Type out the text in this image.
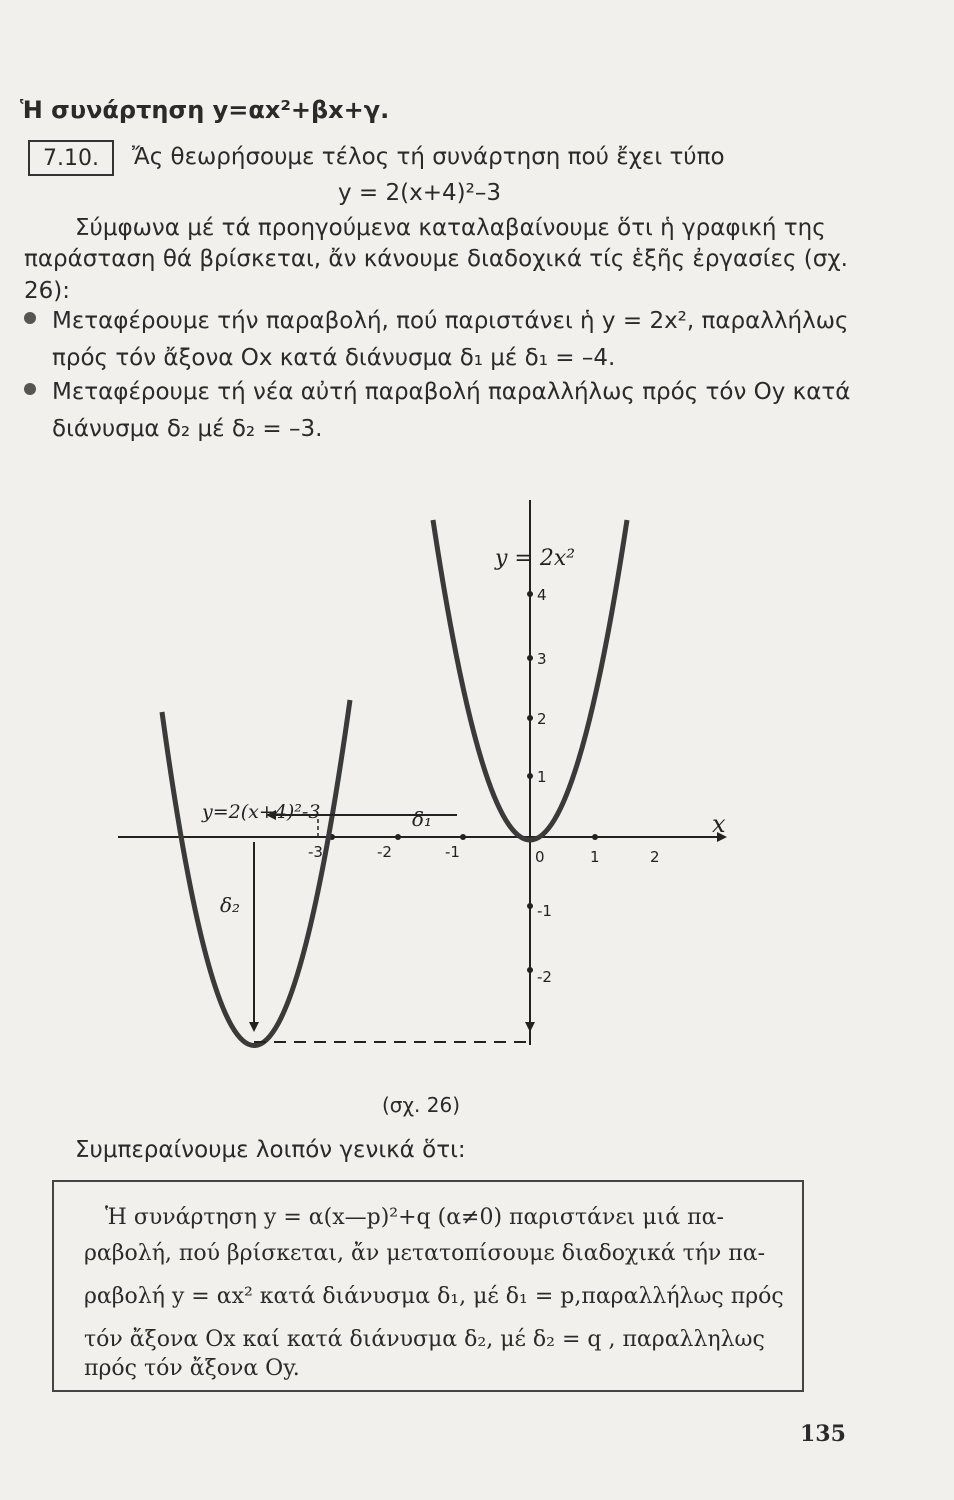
Ἡ συνάρτηση y=αx²+βx+γ.
7.10. Ἄς θεωρήσουμε τέλος τή συνάρτηση πού ἔχει τύπο
y = 2(x+4)²–3
Σύμφωνα μέ τά προηγούμενα καταλαβαίνουμε ὅτι ἡ γραφική της
παράσταση θά βρίσκεται, ἄν κάνουμε διαδοχικά τίς ἑξῆς ἐργασίες (σχ.
26):
Μεταφέρουμε τήν παραβολή, πού παριστάνει ἡ y = 2x², παραλλήλως
πρός τόν ἄξονα Ox κατά διάνυσμα δ₁ μέ δ₁ = –4.
Μεταφέρουμε τή νέα αὐτή παραβολή παραλλήλως πρός τόν Oy κατά
διάνυσμα δ₂ μέ δ₂ = –3.
y = 2x²
y=2(x+4)²-3	δ₁
δ₂
x
-3	-2	-1	0	1	2
4
3
2
1
-1
-2
(σχ. 26)
Συμπεραίνουμε λοιπόν γενικά ὅτι:
Ἡ συνάρτηση y = α(x—p)²+q (α≠0) παριστάνει μιά πα-
ραβολή, πού βρίσκεται, ἄν μετατοπίσουμε διαδοχικά τήν πα-
ραβολή y = αx² κατά διάνυσμα δ₁, μέ δ₁ = p,παραλλήλως πρός
τόν ἄξονα Ox καί κατά διάνυσμα δ₂, μέ δ₂ = q , παραλληλως
πρός τόν ἄξονα Oy.
135
